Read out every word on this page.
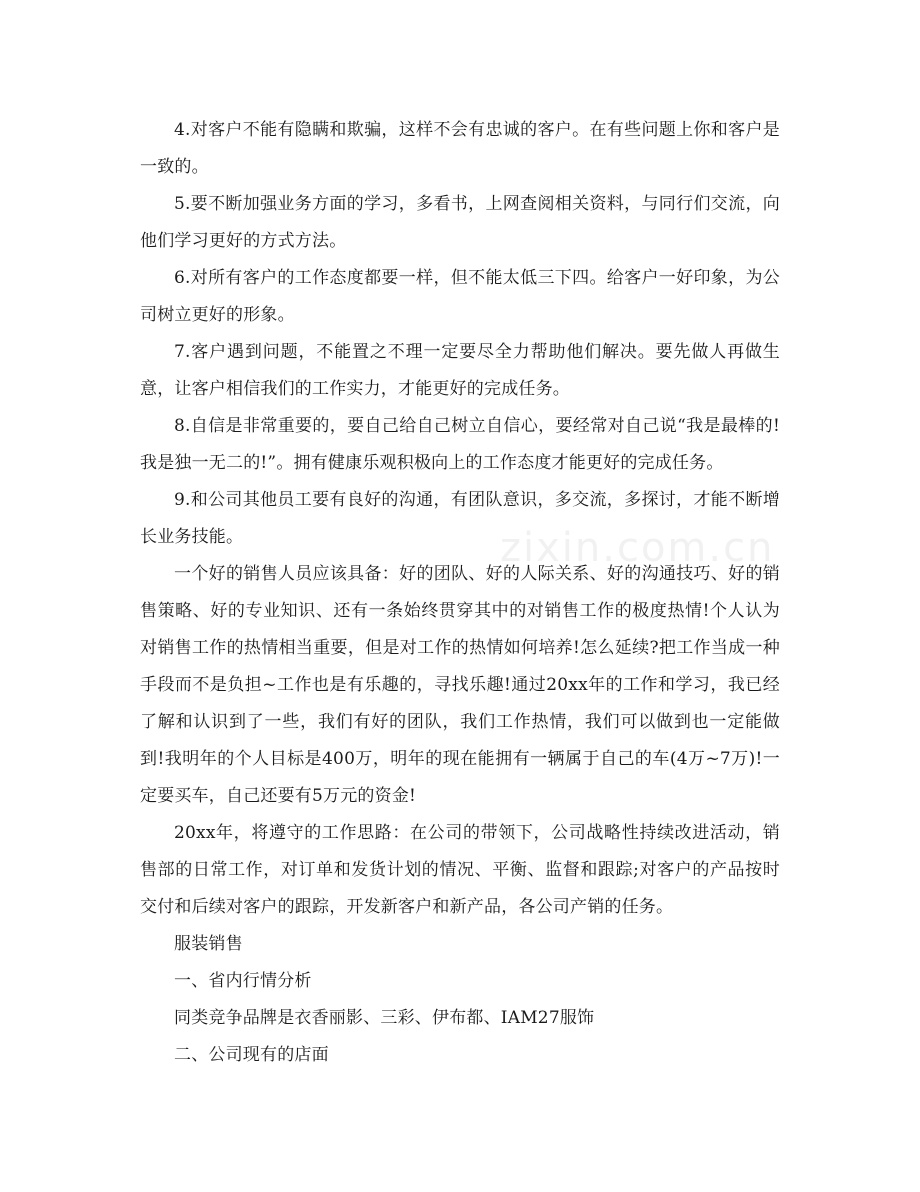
4.对客户不能有隐瞒和欺骗，这样不会有忠诚的客户。在有些问题上你和客户是一致的。

5.要不断加强业务方面的学习，多看书，上网查阅相关资料，与同行们交流，向他们学习更好的方式方法。

6.对所有客户的工作态度都要一样，但不能太低三下四。给客户一好印象，为公司树立更好的形象。

7.客户遇到问题，不能置之不理一定要尽全力帮助他们解决。要先做人再做生意，让客户相信我们的工作实力，才能更好的完成任务。

8.自信是非常重要的，要自己给自己树立自信心，要经常对自己说“我是最棒的!我是独一无二的!”。拥有健康乐观积极向上的工作态度才能更好的完成任务。

9.和公司其他员工要有良好的沟通，有团队意识，多交流，多探讨，才能不断增长业务技能。

一个好的销售人员应该具备：好的团队、好的人际关系、好的沟通技巧、好的销售策略、好的专业知识、还有一条始终贯穿其中的对销售工作的极度热情!个人认为对销售工作的热情相当重要，但是对工作的热情如何培养!怎么延续?把工作当成一种手段而不是负担~工作也是有乐趣的，寻找乐趣!通过20xx年的工作和学习，我已经了解和认识到了一些，我们有好的团队，我们工作热情，我们可以做到也一定能做到!我明年的个人目标是400万，明年的现在能拥有一辆属于自己的车(4万~7万)!一定要买车，自己还要有5万元的资金!

20xx年，将遵守的工作思路：在公司的带领下，公司战略性持续改进活动，销售部的日常工作，对订单和发货计划的情况、平衡、监督和跟踪;对客户的产品按时交付和后续对客户的跟踪，开发新客户和新产品，各公司产销的任务。

服装销售

一、省内行情分析

同类竞争品牌是衣香丽影、三彩、伊布都、IAM27服饰

二、公司现有的店面

zixin.com.cn
